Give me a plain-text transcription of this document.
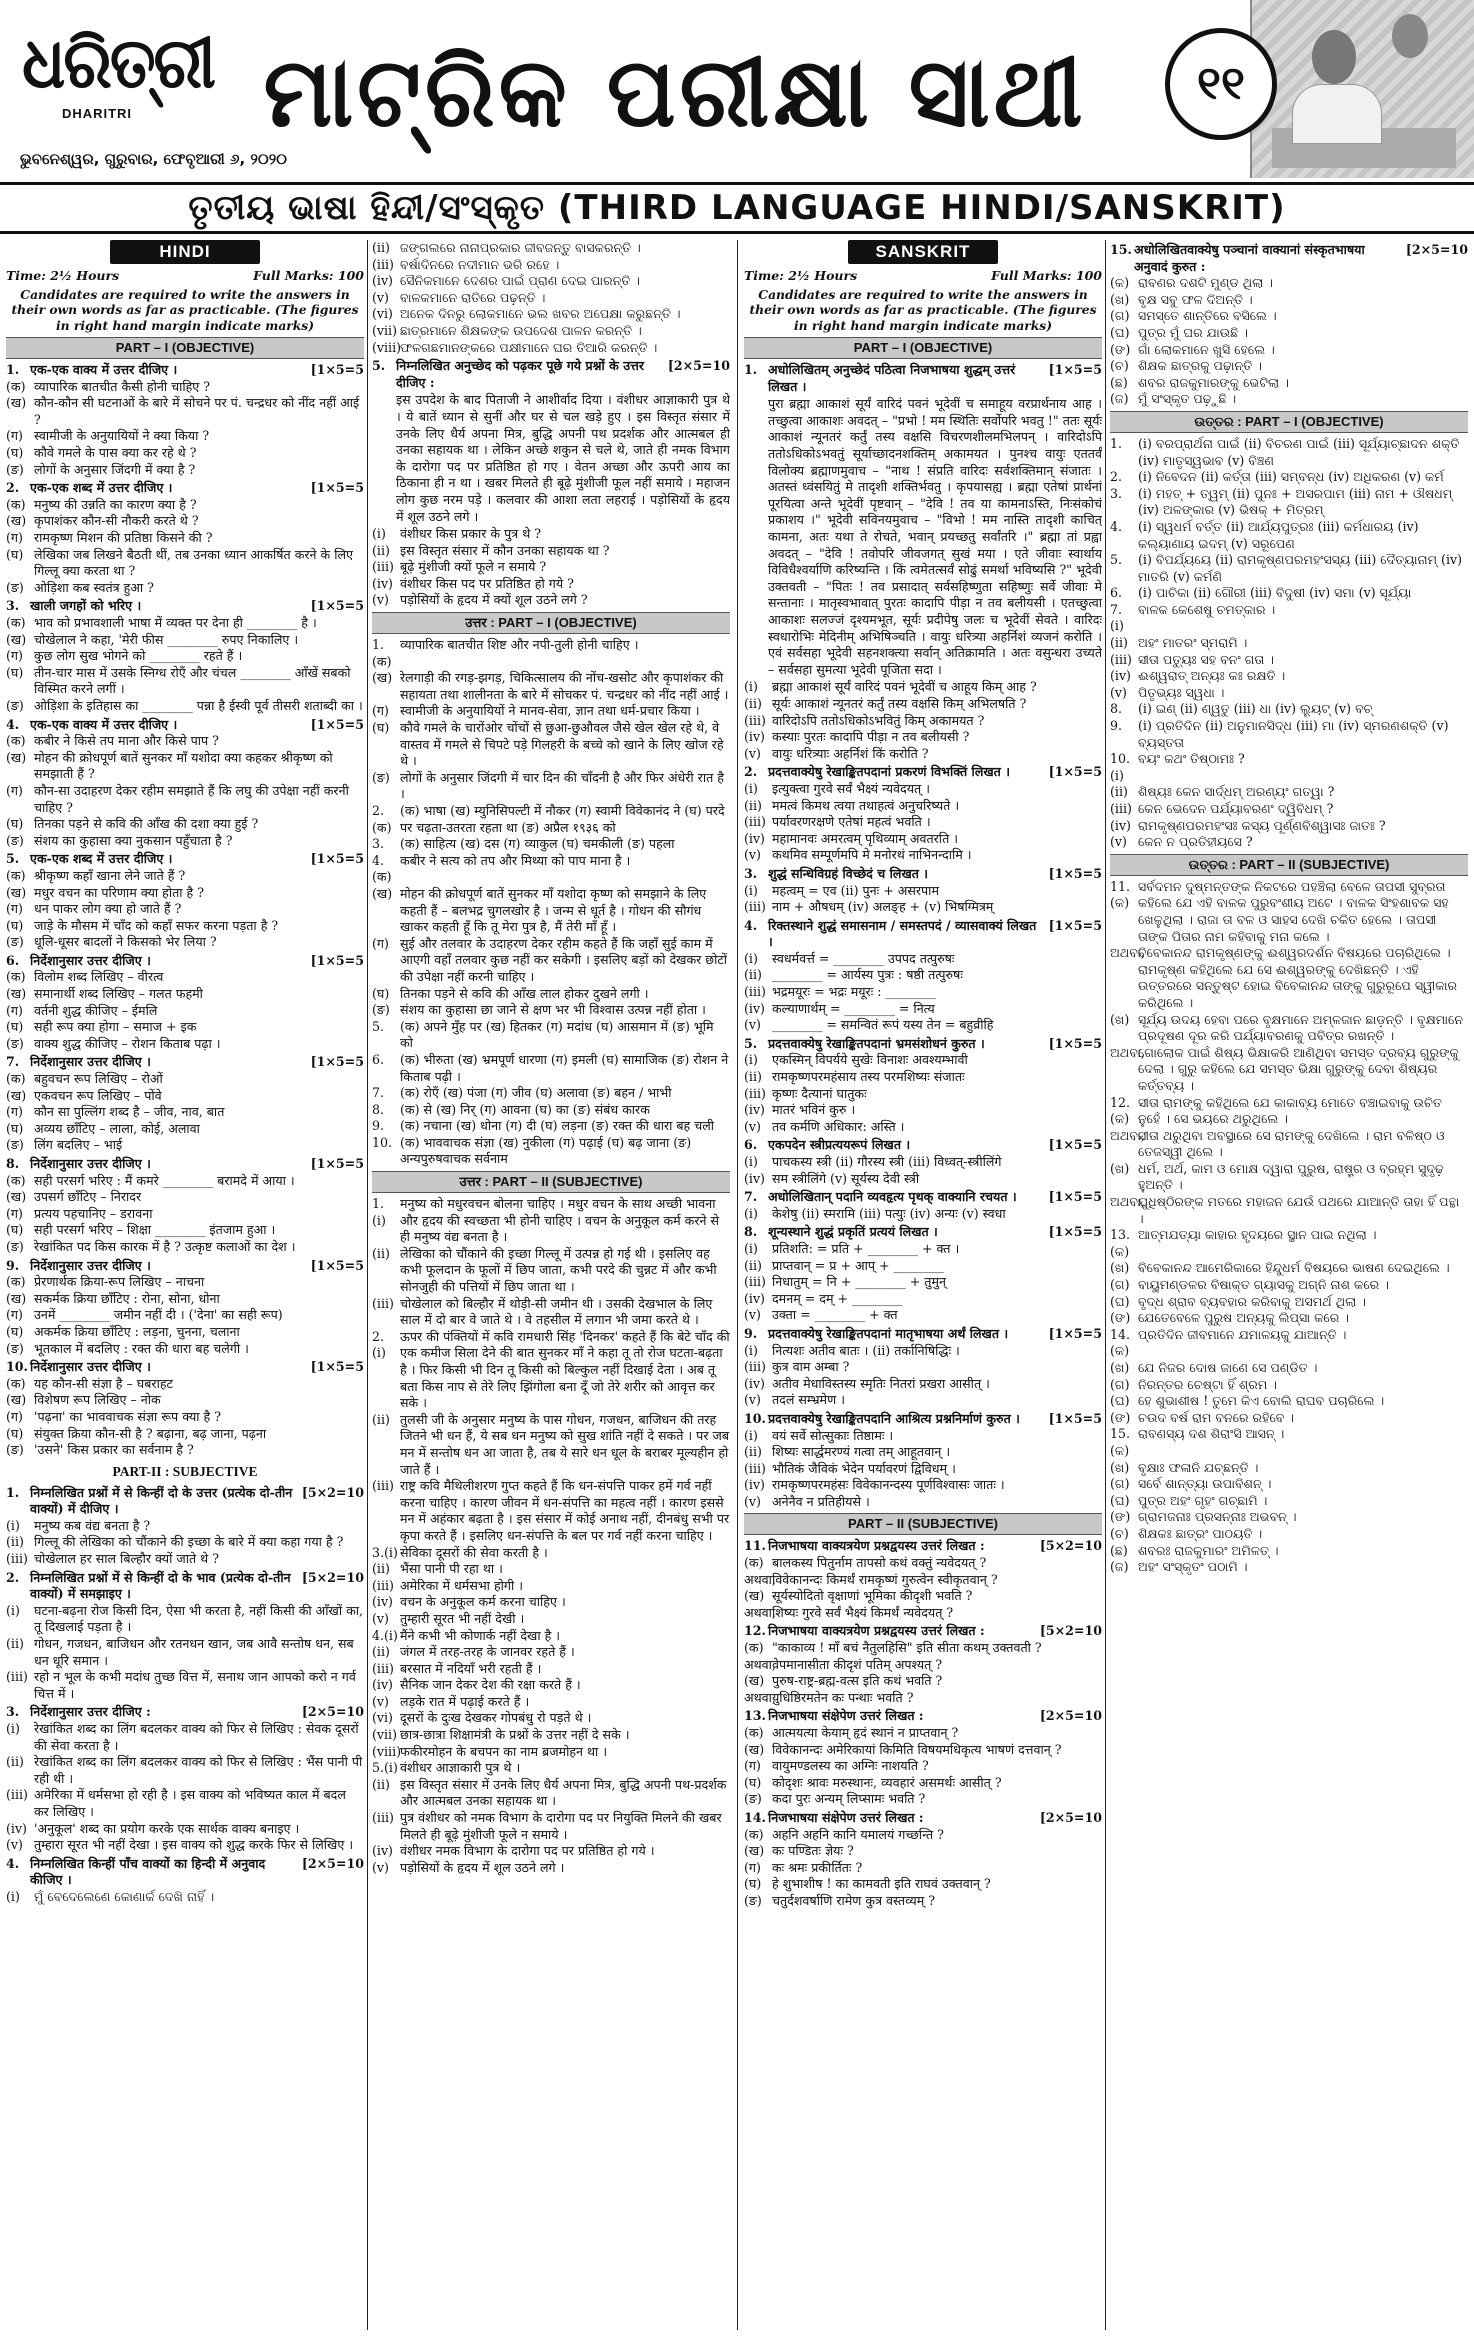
ଧରିତ୍ରୀ
DHARITRI
ଭୁବନେଶ୍ୱର, ଗୁରୁବାର, ଫେବୃଆରୀ ୬, ୨୦୨୦
ମାଟ୍ରିକ ପରୀକ୍ଷା ସାଥୀ	୧୧
ତୃତୀୟ ଭାଷା ହିନ୍ଦୀ/ସଂସ୍କୃତ (THIRD LANGUAGE HINDI/SANSKRIT)
HINDI
Time: 2½ Hours	Full Marks: 100
Candidates are required to write the answers in their own words as far as practicable. (The figures in right hand margin indicate marks)
PART – I (OBJECTIVE)
1. एक-एक वाक्य में उत्तर दीजिए ।	[1×5=5
(क) व्यापारिक बातचीत कैसी होनी चाहिए ?
(ख) कौन-कौन सी घटनाओं के बारे में सोचने पर पं. चन्द्रधर को नींद नहीं आई ?
(ग) स्वामीजी के अनुयायियों ने क्या किया ?
(घ) कौवे गमले के पास क्या कर रहे थे ?
(ङ) लोगों के अनुसार जिंदगी में क्या है ?
2. एक-एक शब्द में उत्तर दीजिए ।	[1×5=5
(क) मनुष्य की उन्नति का कारण क्या है ?
(ख) कृपाशंकर कौन-सी नौकरी करते थे ?
(ग) रामकृष्ण मिशन की प्रतिष्ठा किसने की ?
(घ) लेखिका जब लिखने बैठती थीं, तब उनका ध्यान आकर्षित करने के लिए गिल्लू क्या करता था ?
(ङ) ओड़िशा कब स्वतंत्र हुआ ?
3. खाली जगहों को भरिए ।	[1×5=5
(क) भाव को प्रभावशाली भाषा में व्यक्त पर देना ही ________ है ।
(ख) चोखेलाल ने कहा, 'मेरी फीस ________ रुपए निकालिए ।
(ग) कुछ लोग सुख भोगने को ________ रहते हैं ।
(घ) तीन-चार मास में उसके स्निग्ध रोएँ और चंचल ________ आँखें सबको विस्मित करने लगीं ।
(ङ) ओड़िशा के इतिहास का ________ पन्ना है ईस्वी पूर्व तीसरी शताब्दी का ।
4. एक-एक वाक्य में उत्तर दीजिए ।	[1×5=5
(क) कबीर ने किसे तप माना और किसे पाप ?
(ख) मोहन की क्रोधपूर्ण बातें सुनकर माँ यशोदा क्या कहकर श्रीकृष्ण को समझाती हैं ?
(ग) कौन-सा उदाहरण देकर रहीम समझाते हैं कि लघु की उपेक्षा नहीं करनी चाहिए ?
(घ) तिनका पड़ने से कवि की आँख की दशा क्या हुई ?
(ङ) संशय का कुहासा क्या नुकसान पहुँचाता है ?
5. एक-एक शब्द में उत्तर दीजिए ।	[1×5=5
(क) श्रीकृष्ण कहाँ खाना लेने जाते हैं ?
(ख) मधुर वचन का परिणाम क्या होता है ?
(ग) धन पाकर लोग क्या हो जाते हैं ?
(घ) जाड़े के मौसम में चाँद को कहाँ सफर करना पड़ता है ?
(ङ) धूलि-धूसर बादलों ने किसको भेर लिया ?
6. निर्देशानुसार उत्तर दीजिए ।	[1×5=5
(क) विलोम शब्द लिखिए – वीरत्व
(ख) समानार्थी शब्द लिखिए – गलत फहमी
(ग) वर्तनी शुद्ध कीजिए – ईमलि
(घ) सही रूप क्या होगा – समाज + इक
(ङ) वाक्य शुद्ध कीजिए – रोशन किताब पढ़ा ।
7. निर्देशानुसार उत्तर दीजिए ।	[1×5=5
(क) बहुवचन रूप लिखिए – रोओं
(ख) एकवचन रूप लिखिए – पोंवे
(ग) कौन सा पुल्लिंग शब्द है – जीव, नाव, बात
(घ) अव्यय छाँटिए – लाला, कोई, अलावा
(ङ) लिंग बदलिए – भाई
8. निर्देशानुसार उत्तर दीजिए ।	[1×5=5
(क) सही परसर्ग भरिए : मैं कमरे ________ बरामदे में आया ।
(ख) उपसर्ग छाँटिए – निरादर
(ग) प्रत्यय पहचानिए – डरावना
(घ) सही परसर्ग भरिए – शिक्षा ________ इंतजाम हुआ ।
(ङ) रेखांकित पद किस कारक में है ? उत्कृष्ट कलाओं का देश ।
9. निर्देशानुसार उत्तर दीजिए ।	[1×5=5
(क) प्रेरणार्थक क्रिया-रूप लिखिए – नाचना
(ख) सकर्मक क्रिया छाँटिए : रोना, सोना, धोना
(ग) उनमें ________ जमीन नहीं दी । ('देना' का सही रूप)
(घ) अकर्मक क्रिया छाँटिए : लड़ना, चुनना, चलाना
(ङ) भूतकाल में बदलिए : रक्त की धारा बह चलेगी ।
10. निर्देशानुसार उत्तर दीजिए ।	[1×5=5
(क) यह कौन-सी संज्ञा है – घबराहट
(ख) विशेषण रूप लिखिए – नोक
(ग) 'पढ़ना' का भाववाचक संज्ञा रूप क्या है ?
(घ) संयुक्त क्रिया कौन-सी है ? बढ़ाना, बढ़ जाना, पढ़ना
(ङ) 'उसने' किस प्रकार का सर्वनाम है ?
PART-II : SUBJECTIVE
1. निम्नलिखित प्रश्नों में से किन्हीं दो के उत्तर (प्रत्येक दो-तीन वाक्यों) में दीजिए ।
[5×2=10
(i)	मनुष्य कब वंद्य बनता है ?
(ii) गिल्लू की लेखिका को चौंकाने की इच्छा के बारे में क्या कहा गया है ?
(iii) चोखेलाल हर साल बिल्हौर क्यों जाते थे ?
2. निम्नलिखित प्रश्नों में से किन्हीं दो के भाव (प्रत्येक दो-तीन वाक्यों) में समझाइए ।
[5×2=10
(i)	घटना-बढ़ना रोज किसी दिन, ऐसा भी करता है, नहीं किसी की आँखों का, तू दिखलाई पड़ता है ।
(ii) गोधन, गजधन, बाजिधन और रतनधन खान, जब आवै सन्तोष धन, सब धन धूरि समान ।
(iii) रहो न भूल के कभी मदांध तुच्छ वित्त में, सनाथ जान आपको करो न गर्व चित्त में ।
3. निर्देशानुसार उत्तर दीजिए :	[2×5=10
(i)	रेखांकित शब्द का लिंग बदलकर वाक्य को फिर से लिखिए : सेवक दूसरों की सेवा करता है ।
(ii) रेखांकित शब्द का लिंग बदलकर वाक्य को फिर से लिखिए : भैंस पानी पी रही थी ।
(iii) अमेरिका में धर्मसभा हो रही है । इस वाक्य को भविष्यत काल में बदल कर लिखिए ।
(iv) 'अनुकूल' शब्द का प्रयोग करके एक सार्थक वाक्य बनाइए ।
(v) तुम्हारा सूरत भी नहीं देखा । इस वाक्य को शुद्ध करके फिर से लिखिए ।
4. निम्नलिखित किन्हीं पाँच वाक्यों का हिन्दी में अनुवाद कीजिए ।
[2×5=10
(i)	ମୁଁ ବେଦେଲେଣେ କୋଣାର୍କ ଦେଖି ନାହିଁ ।
(ii) ଜଙ୍ଗଲରେ ନାନାପ୍ରକାର ଜୀବଜନ୍ତୁ ବାସକରନ୍ତି ।
(iii) ବର୍ଷାଦିନରେ ନଦୀମାନ ଭରି ରହେ ।
(iv) ସୈନିକମାନେ ଦେଶର ପାଇଁ ପ୍ରାଣ ଦେଇ ପାରନ୍ତି ।
(v) ବାଳକମାନେ ରାତିରେ ପଢ଼ନ୍ତି ।
(vi) ଅନେକ ଦିନରୁ ଲୋକମାନେ ଭଲ ଖବର ଅପେକ୍ଷା କରୁଛନ୍ତି ।
(vii) ଛାତ୍ରମାନେ ଶିକ୍ଷକଙ୍କ ଉପଦେଶ ପାଳନ କରନ୍ତି ।
(viii)
ଫଳଗଛମାନଙ୍କରେ ପକ୍ଷୀମାନେ ଘର ତିଆରି କରନ୍ତି ।
5. निम्नलिखित अनुच्छेद को पढ़कर पूछे गये प्रश्नों के उत्तर दीजिए :
[2×5=10
इस उपदेश के बाद पिताजी ने आशीर्वाद दिया । वंशीधर आज्ञाकारी पुत्र थे । ये बातें ध्यान से सुनीं और घर से चल खड़े हुए । इस विस्तृत संसार में उनके लिए धैर्य अपना मित्र, बुद्धि अपनी पथ प्रदर्शक और आत्मबल ही उनका सहायक था । लेकिन अच्छे शकुन से चले थे, जाते ही नमक विभाग के दारोगा पद पर प्रतिष्ठित हो गए । वेतन अच्छा और ऊपरी आय का ठिकाना ही न था । खबर मिलते ही बूढ़े मुंशीजी फूल नहीं समाये । महाजन लोग कुछ नरम पड़े । कलवार की आशा लता लहराई । पड़ोसियों के हृदय में शूल उठने लगे ।
(i)	वंशीधर किस प्रकार के पुत्र थे ?
(ii) इस विस्तृत संसार में कौन उनका सहायक था ?
(iii) बूढ़े मुंशीजी क्यों फूले न समाये ?
(iv) वंशीधर किस पद पर प्रतिष्ठित हो गये ?
(v) पड़ोसियों के हृदय में क्यों शूल उठने लगे ?
उत्तर : PART – I (OBJECTIVE)
1. (क)
व्यापारिक बातचीत शिष्ट और नपी-तुली होनी चाहिए ।
(ख) रेलगाड़ी की रगड़-झगड़, चिकित्सालय की नोंच-खसोट और कृपाशंकर की सहायता तथा शालीनता के बारे में सोचकर पं. चन्द्रधर को नींद नहीं आई ।
(ग) स्वामीजी के अनुयायियों ने मानव-सेवा, ज्ञान तथा धर्म-प्रचार किया ।
(घ) कौवे गमले के चारोंओर चोंचों से छुआ-छुऔवल जैसे खेल खेल रहे थे, वे वास्तव में गमले से चिपटे पड़े गिलहरी के बच्चे को खाने के लिए खोज रहे थे ।
(ङ) लोगों के अनुसार जिंदगी में चार दिन की चाँदनी है और फिर अंधेरी रात है ।
2. (क)
(क) भाषा (ख) म्युनिसिपल्टी में नौकर (ग) स्वामी विवेकानंद ने (घ) परदे पर चढ़ता-उतरता रहता था (ङ) अप्रैल १९३६ को
3.	(क) साहित्य (ख) दस (ग) व्याकुल (घ) चमकीली (ङ) पहला
4. (क)
कबीर ने सत्य को तप और मिथ्या को पाप माना है ।
(ख) मोहन की क्रोधपूर्ण बातें सुनकर माँ यशोदा कृष्ण को समझाने के लिए कहती हैं – बलभद्र चुगलखोर है । जन्म से धूर्त है । गोधन की सौगंध खाकर कहती हूँ कि तू मेरा पुत्र है, मैं तेरी माँ हूँ ।
(ग) सुई और तलवार के उदाहरण देकर रहीम कहते हैं कि जहाँ सुई काम में आएगी वहाँ तलवार कुछ नहीं कर सकेगी । इसलिए बड़ों को देखकर छोटों की उपेक्षा नहीं करनी चाहिए ।
(घ) तिनका पड़ने से कवि की आँख लाल होकर दुखने लगी ।
(ङ) संशय का कुहासा छा जाने से क्षण भर भी विश्वास उत्पन्न नहीं होता ।
5.	(क) अपने मुँह पर (ख) हितकर (ग) मदांध (घ) आसमान में (ङ) भूमि को
6.	(क) भीरुता (ख) भ्रमपूर्ण धारणा (ग) इमली (घ) सामाजिक (ङ) रोशन ने किताब पढ़ी ।
7.	(क) रोएँ (ख) पंजा (ग) जीव (घ) अलावा (ङ) बहन / भाभी
8.	(क) से (ख) निर् (ग) आवना (घ) का (ङ) संबंध कारक
9.	(क) नचाना (ख) धोना (ग) दी (घ) लड़ना (ङ) रक्त की धारा बह चली
10. (क) भाववाचक संज्ञा (ख) नुकीला (ग) पढ़ाई (घ) बढ़ जाना (ङ) अन्यपुरुषवाचक सर्वनाम
उत्तर : PART – II (SUBJECTIVE)
1. (i)
मनुष्य को मधुरवचन बोलना चाहिए । मधुर वचन के साथ अच्छी भावना और हृदय की स्वच्छता भी होनी चाहिए । वचन के अनुकूल कर्म करने से ही मनुष्य वंद्य बनता है ।
(ii) लेखिका को चौंकाने की इच्छा गिल्लू में उत्पन्न हो गई थी । इसलिए वह कभी फूलदान के फूलों में छिप जाता, कभी परदे की चुन्नट में और कभी सोनजुही की पत्तियों में छिप जाता था ।
(iii) चोखेलाल को बिल्हौर में थोड़ी-सी जमीन थी । उसकी देखभाल के लिए साल में दो बार वे जाते थे । वे तहसील में लगान भी जमा करते थे ।
2. (i)
ऊपर की पंक्तियों में कवि रामधारी सिंह 'दिनकर' कहते हैं कि बेटे चाँद की एक कमीज सिला देने की बात सुनकर माँ ने कहा तू तो रोज घटता-बढ़ता है । फिर किसी भी दिन तू किसी को बिल्कुल नहीं दिखाई देता । अब तू बता किस नाप से तेरे लिए झिंगोला बना दूँ जो तेरे शरीर को आवृत्त कर सके ।
(ii) तुलसी जी के अनुसार मनुष्य के पास गोधन, गजधन, बाजिधन की तरह जितने भी धन हैं, ये सब धन मनुष्य को सुख शांति नहीं दे सकते । पर जब मन में सन्तोष धन आ जाता है, तब ये सारे धन धूल के बराबर मूल्यहीन हो जाते हैं ।
(iii) राष्ट्र कवि मैथिलीशरण गुप्त कहते हैं कि धन-संपत्ति पाकर हमें गर्व नहीं करना चाहिए । कारण जीवन में धन-संपत्ति का महत्व नहीं । कारण इससे मन में अहंकार बढ़ता है । इस संसार में कोई अनाथ नहीं, दीनबंधु सभी पर कृपा करते हैं । इसलिए धन-संपत्ति के बल पर गर्व नहीं करना चाहिए ।
3.(i) सेविका दूसरों की सेवा करती है ।
(ii) भैंसा पानी पी रहा था ।
(iii) अमेरिका में धर्मसभा होगी ।
(iv) वचन के अनुकूल कर्म करना चाहिए ।
(v) तुम्हारी सूरत भी नहीं देखी ।
4.(i) मैंने कभी भी कोणार्क नहीं देखा है ।
(ii) जंगल में तरह-तरह के जानवर रहते हैं ।
(iii) बरसात में नदियाँ भरी रहती हैं ।
(iv) सैनिक जान देकर देश की रक्षा करते हैं ।
(v) लड़के रात में पढ़ाई करते हैं ।
(vi) दूसरों के दुःख देखकर गोपबंधु रो पड़ते थे ।
(vii) छात्र-छात्रा शिक्षामंत्री के प्रश्नों के उत्तर नहीं दे सके ।
(viii)
फकीरमोहन के बचपन का नाम ब्रजमोहन था ।
5.(i) वंशीधर आज्ञाकारी पुत्र थे ।
(ii) इस विस्तृत संसार में उनके लिए धैर्य अपना मित्र, बुद्धि अपनी पथ-प्रदर्शक और आत्मबल उनका सहायक था ।
(iii) पुत्र वंशीधर को नमक विभाग के दारोगा पद पर नियुक्ति मिलने की खबर मिलते ही बूढ़े मुंशीजी फूले न समाये ।
(iv) वंशीधर नमक विभाग के दारोगा पद पर प्रतिष्ठित हो गये ।
(v) पड़ोसियों के हृदय में शूल उठने लगे ।
SANSKRIT
Time: 2½ Hours	Full Marks: 100
Candidates are required to write the answers in their own words as far as practicable. (The figures in right hand margin indicate marks)
PART – I (OBJECTIVE)
1. अधोलिखितम् अनुच्छेदं पठित्वा निजभाषया शुद्धम् उत्तरं लिखत ।
[1×5=5
पुरा ब्रह्मा आकाशं सूर्यं वारिदं पवनं भूदेवीं च समाहूय वरप्रार्थनाय आह । तच्छुत्वा आकाशः अवदत् – "प्रभो ! मम स्थितिः सर्वोपरि भवतु !" ततः सूर्यः आकाशं न्यूनतरं कर्तुं तस्य वक्षसि विचरणशीलमभिलपन् । वारिदोऽपि ततोऽधिकोऽभवतुं सूर्याच्छादनशक्तिम् अकामयत । पुनश्च वायुः एततर्वं विलोक्य ब्रह्माणमुवाच – "नाथ ! संप्रति वारिदः सर्वशक्तिमान् संजातः । अतस्तं ध्वंसयितुं मे तादृशी शक्तिर्भवतु । कृपयासह्य । ब्रह्मा एतेषां प्रार्थनां पूरयित्वा अन्ते भूदेवीं पृष्टवान् – "देवि ! तव या कामनाऽस्ति, निःसंकोचं प्रकाशय ।" भूदेवी सविनयमुवाच – "विभो ! मम नास्ति तादृशी काचित् कामना, अतः यथा ते रोचते, भवान् प्रयच्छतु सर्वांतरि ।" ब्रह्मा तां प्रह्वा अवदत् – "देवि ! तवोपरि जीवजगत् सुखं मया । एते जीवाः स्वार्थाय विविधैश्वर्याणि करिष्यन्ति । किं त्वमेतत्सर्वं सोढुं समर्था भविष्यसि ?" भूदेवी उक्तवती – "पितः ! तव प्रसादात् सर्वसहिष्णुता सहिष्णुः सर्वे जीवाः मे सन्तानाः । मातृस्वभावात् पुरतः कादापि पीड़ा न तव बलीयसी । एतच्छुत्वा आकाशः सलज्जं दृश्यमभूत, सूर्यः प्रदीपेषु जलः च भूदेवीं सेवते । वारिदः स्वधारोभिः मेदिनीम् अभिषिञ्चति । वायुः धरित्र्या अहर्निशं व्यजनं करोति । एवं सर्वसहा भूदेवी सहनशक्त्या सर्वान् अतिक्रामति । अतः वसुन्धरा उच्यते – सर्वसहा सुमत्या भूदेवी पूजिता सदा ।
(i)	ब्रह्मा आकाशं सूर्यं वारिदं पवनं भूदेवीं च आहूय किम् आह ?
(ii) सूर्यः आकाशं न्यूनतरं कर्तुं तस्य वक्षसि किम् अभिलषति ?
(iii) वारिदोऽपि ततोऽधिकोऽभवितुं किम् अकामयत ?
(iv) कस्याः पुरतः कादापि पीड़ा न तव बलीयसी ?
(v) वायुः धरित्र्याः अहर्निशं किं करोति ?
2. प्रदत्तवाक्येषु रेखाङ्कितपदानां प्रकरणं विभक्तिं लिखत ।	[1×5=5
(i)	इत्युक्त्वा गुरवे सर्वं भैक्ष्यं न्यवेदयत् ।
(ii) ममत्वं किमथ त्वया तथाहत्वं अनुचरिष्यते ।
(iii) पर्यावरणरक्षणे एतेषां महत्वं भवति ।
(iv) महामानवः अमरत्वम् पृथिव्याम् अवतरति ।
(v) कथमिव सम्पूर्णमपि मे मनोरथं नाभिनन्दामि ।
3. शुद्धं सन्धिविग्रहं विच्छेदं च लिखत ।	[1×5=5
(i)	महत्वम् = एव (ii) पुनः + असरपाम
(iii) नाम + औषधम् (iv) अलङ्ह + (v) भिषग्मित्रम्
4. रिक्तस्थाने शुद्धं समासनाम / समस्तपदं / व्यासवाक्यं लिखत ।
[1×5=5
(i)	स्वधर्मवर्त्त = ________ उपपद तत्पुरुषः
(ii) ________ = आर्यस्य पुत्रः : षष्ठी तत्पुरुषः
(iii) भद्रमयूरः = भद्रः मयूरः : ________
(iv) कल्याणार्थम् = ________ = नित्य
(v) ________ = समन्वितं रूपं यस्य तेन = बहुव्रीहि
5. प्रदत्तवाक्येषु रेखाङ्कितपदानां भ्रमसंशोधनं कुरुत ।	[1×5=5
(i)	एकस्मिन् विपर्यये सुखेः विनाशः अवश्यम्भावी
(ii) रामकृष्णपरमहंसाय तस्य परमशिष्यः संजातः
(iii) कृष्णः दैत्यानां घातुकः
(iv) मातरं भविनं कुरु ।
(v) तव कर्मणि अधिकार: अस्ति ।
6. एकपदेन स्त्रीप्रत्ययरूपं लिखत ।	[1×5=5
(i)	पाचकस्य स्त्री (ii) गौरस्य स्त्री (iii) विध्वत्-स्त्रीलिंगे
(iv) सम स्त्रीलिंगे (v) सूर्यस्य देवी स्त्री
7. अधोलिखितान् पदानि व्यवहृत्य पृथक् वाक्यानि रचयत ।	[1×5=5
(i)	केशेषु (ii) स्मरामि (iii) पत्युः (iv) अन्यः (v) स्वधा
8. शून्यस्थाने शुद्धं प्रकृतिं प्रत्ययं लिखत ।	[1×5=5
(i)	प्रतिशति: = प्रति + ________ + क्त ।
(ii) प्राप्तवान् = प्र + आप् + ________
(iii) निधातुम् = नि + ________ + तुमुन्
(iv) दमनम् = दम् + ________
(v) उक्ता = ________ + क्त
9. प्रदत्तवाक्येषु रेखाङ्कितपदानां मातृभाषया अर्थं लिखत ।	[1×5=5
(i)	नित्यशः अतीव बातः । (ii) तर्कानिषिद्धिः ।
(iii) कुत्र वाम अम्बा ?
(iv) अतीव मेधाविस्तस्य स्मृतिः नितरां प्रखरा आसीत् ।
(v) तदलं सम्भ्रमेण ।
10. प्रदत्तवाक्येषु रेखाङ्कितपदानि आश्रित्य प्रश्ननिर्माणं कुरुत ।	[1×5=5
(i)	वयं सर्वे सोत्सुकाः तिष्ठामः ।
(ii) शिष्यः सार्द्धमरण्यं गत्वा तम् आहूतवान् ।
(iii) भौतिकं जैविकं भेदेन पर्यावरणं द्विविधम् ।
(iv) रामकृष्णपरमहंसः विवेकानन्दस्य पूर्णविश्वासः जातः ।
(v) अनेनैव न प्रतिहीयसे ।
PART – II (SUBJECTIVE)
11. निजभाषया वाक्यत्रयेण प्रश्नद्वयस्य उत्तरं लिखत :	[5×2=10
(क) बालकस्य पितुर्नाम तापसो कथं वक्तुं न्यवेदयत् ?
अथवा,
विवेकानन्दः किमर्थं रामकृष्णं गुरुत्वेन स्वीकृतवान् ?
(ख) सूर्यस्योदितो वृक्षाणां भूमिका कीदृशी भवति ?
अथवा,
शिष्यः गुरवे सर्वं भैक्ष्यं किमर्थं न्यवेदयत् ?
12. निजभाषया वाक्यत्रयेण प्रश्नद्वयस्य उत्तरं लिखत :	[5×2=10
(क) "काकाव्य ! माँ बचं नैतुलहिसि" इति सीता कथम् उक्तवती ?
अथवा,
वेपमानासीता कीदृशं पतिम् अपश्यत् ?
(ख) पुरुष-राष्ट्र-ब्रह्म-वत्स इति कथं भवति ?
अथवा,
युधिष्ठिरमतेन कः पन्थाः भवति ?
13. निजभाषया संक्षेपेण उत्तरं लिखत :	[2×5=10
(क) आत्मयत्या केयाम् हृदं स्थानं न प्राप्तवान् ?
(ख) विवेकानन्दः अमेरिकायां किमिति विषयमधिकृत्य भाषणं दत्तवान् ?
(ग) वायुमण्डलस्य का अग्निः नाशयति ?
(घ) कोदृशः श्रावः मरुस्थानः, व्यवहारं असमर्थः आसीत् ?
(ङ) कदा पुरः अन्यम् लिप्सामः भवति ?
14. निजभाषया संक्षेपेण उत्तरं लिखत :	[2×5=10
(क) अहनि अहनि कानि यमालयं गच्छन्ति ?
(ख) कः पण्डितः ज्ञेयः ?
(ग) कः श्रमः प्रकीर्तितः ?
(घ) हे शुभाशीष ! का कामवती इति राघवं उक्तवान् ?
(ङ) चतुर्दशवर्षाणि रामेण कुत्र वस्तव्यम् ?
15. अधोलिखितवाक्येषु पञ्चानां वाक्यानां संस्कृतभाषया अनुवादं कुरुत :
[2×5=10
(କ) ରାବଣର ଦଶଟି ମୁଣ୍ଡ ଥିଲା ।
(ଖ) ବୃକ୍ଷ ସବୁ ଫଳ ଦିଅନ୍ତି ।
(ଗ) ସମସ୍ତେ ଶାନ୍ତିରେ ବସିଲେ ।
(ଘ) ପୁତ୍ର ମୁଁ ଘର ଯାଉଛି ।
(ଙ) ଗାଁ ଲୋକମାନେ ଖୁସି ହେଲେ ।
(ଚ) ଶିକ୍ଷକ ଛାତ୍ରକୁ ପଢ଼ାନ୍ତି ।
(ଛ) ଶବର ରାଜକୁମାରଙ୍କୁ ଭେଟିଲା ।
(ଜ) ମୁଁ ସଂସ୍କୃତ ପଢ଼ୁଛି ।
ଉତ୍ତର : PART – I (OBJECTIVE)
1.	(i) ବରପ୍ରାର୍ଥନା ପାଇଁ (ii) ବିଚରଣ ପାଇଁ (iii) ସୂର୍ଯ୍ୟାଚ୍ଛାଦନ ଶକ୍ତି (iv) ମାତୃସ୍ୱଭାବ (v) ବିଞ୍ଚଣ
2.	(i) ନିବେଦନ (ii) କର୍ତ୍ତା (iii) ସମ୍ବନ୍ଧ (iv) ଅଧିକରଣ (v) କର୍ମ
3.	(i) ମହତ୍ + ତ୍ୱମ୍ (ii) ପୁନଃ + ଅସରପାମ (iii) ନାମ + ଔଷଧମ୍ (iv) ଅଳଙ୍କାର (v) ଭିଷକ୍ + ମିତ୍ରମ୍
4.	(i) ସ୍ୱଧର୍ମ ବର୍ତ୍ତ (ii) ଆର୍ଯ୍ୟପୁତ୍ରଃ (iii) କର୍ମଧାରୟ (iv) କଲ୍ୟାଣାୟ ଇଦମ୍ (v) ସରୂପେଣ
5.	(i) ବିପର୍ଯ୍ୟୟେ (ii) ରାମକୃଷ୍ଣପରମହଂସସ୍ୟ (iii) ଦୈତ୍ୟାନାମ୍ (iv) ମାତରି (v) କର୍ମଣି
6.	(i) ପାଚିକା (ii) ଗୌରୀ (iii) ବିଦୁଷୀ (iv) ସମା (v) ସୂର୍ଯ୍ୟା
7. (i)
ବାଳକ କେଶେଷୁ ଚମତ୍କାର ।
(ii) ଅହଂ ମାତରଂ ସ୍ମରାମି ।
(iii) ସୀତା ପତ୍ୟୁଃ ସହ ବନଂ ଗତା ।
(iv) ଈଶ୍ୱରାତ୍ ଅନ୍ୟଃ କଃ ରକ୍ଷତି ।
(v) ପିତୃଭ୍ୟଃ ସ୍ୱଧା ।
8.	(i) ଇଣ୍ (ii) ଣ୍ୱତୁ (iii) ଧା (iv) ଲ୍ୟୁଟ୍ (v) ବଚ୍
9.	(i) ପ୍ରତିଦିନ (ii) ଅନୁମାନସିଦ୍ଧ (iii) ମା (iv) ସ୍ମରଣଶକ୍ତି (v) ବ୍ୟସ୍ତତା
10. (i)
ବୟଂ କଥଂ ତିଷ୍ଠାମଃ ?
(ii) ଶିଷ୍ୟଃ କେନ ସାର୍ଦ୍ଧମ୍ ଅରଣ୍ୟଂ ଗତ୍ୱା ?
(iii) କେନ ଭେଦେନ ପର୍ଯ୍ୟାବରଣଂ ଦ୍ୱିବିଧମ୍ ?
(iv) ରାମକୃଷ୍ଣପରମହଂସଃ କସ୍ୟ ପୂର୍ଣ୍ଣବିଶ୍ୱାସଃ ଜାତଃ ?
(v) କେନ ନ ପ୍ରତିହୀୟସେ ?
ଉତ୍ତର : PART – II (SUBJECTIVE)
11.(କ)
ସର୍ବଦମନ ଦୁଷ୍ମନ୍ତଙ୍କ ନିକଟରେ ପହଞ୍ଚିଲା ବେଳେ ତାପସୀ ସୁବ୍ରତା କହିଲେ ଯେ ଏହି ବାଳକ ପୁରୁବଂଶୀୟ ଅଟେ । ବାଳକ ସିଂହଶାବକ ସହ ଖେଳୁଥିଲା । ରାଜା ତା ବଳ ଓ ସାହସ ଦେଖି ଚକିତ ହେଲେ । ତାପସୀ ତାଙ୍କ ପିତାର ନାମ କହିବାକୁ ମନା କଲେ ।
ଅଥବା,
ବିବେକାନନ୍ଦ ରାମକୃଷ୍ଣଙ୍କୁ ଈଶ୍ୱରଦର୍ଶନ ବିଷୟରେ ପଚାରିଥିଲେ । ରାମକୃଷ୍ଣ କହିଥିଲେ ଯେ ସେ ଈଶ୍ୱରଙ୍କୁ ଦେଖିଛନ୍ତି । ଏହି ଉତ୍ତରରେ ସନ୍ତୁଷ୍ଟ ହୋଇ ବିବେକାନନ୍ଦ ତାଙ୍କୁ ଗୁରୁରୂପେ ସ୍ୱୀକାର କରିଥିଲେ ।
(ଖ) ସୂର୍ଯ୍ୟ ଉଦୟ ହେବା ପରେ ବୃକ୍ଷମାନେ ଅମ୍ଳଜାନ ଛାଡ଼ନ୍ତି । ବୃକ୍ଷମାନେ ପ୍ରଦୂଷଣ ଦୂର କରି ପର୍ଯ୍ୟାବରଣକୁ ପବିତ୍ର ରଖନ୍ତି ।
ଅଥବା,
ଗୋଲୋକ ପାଇଁ ଶିଷ୍ୟ ଭିକ୍ଷାକରି ଆଣିଥିବା ସମସ୍ତ ଦ୍ରବ୍ୟ ଗୁରୁଙ୍କୁ ଦେଲା । ଗୁରୁ କହିଲେ ଯେ ସମସ୍ତ ଭିକ୍ଷା ଗୁରୁଙ୍କୁ ଦେବା ଶିଷ୍ୟର କର୍ତ୍ତବ୍ୟ ।
12.(କ)
ସୀତା ରାମଙ୍କୁ କହିଥିଲେ ଯେ କାକାବ୍ୟ ମୋତେ ବଞ୍ଚାଇବାକୁ ଉଚିତ ନୁହେଁ । ସେ ଭୟରେ ଥରୁଥିଲେ ।
ଅଥବା,
ସୀତା ଥରୁଥିବା ଅବସ୍ଥାରେ ସେ ରାମଙ୍କୁ ଦେଖିଲେ । ରାମ ବଳିଷ୍ଠ ଓ ତେଜସ୍ୱୀ ଥିଲେ ।
(ଖ) ଧର୍ମ, ଅର୍ଥ, କାମ ଓ ମୋକ୍ଷ ଦ୍ୱାରା ପୁରୁଷ, ରାଷ୍ଟ୍ର ଓ ବ୍ରହ୍ମ ସୁଦୃଢ଼ ହୁଅନ୍ତି ।
ଅଥବା,
ଯୁଧିଷ୍ଠିରଙ୍କ ମତରେ ମହାଜନ ଯେଉଁ ପଥରେ ଯାଆନ୍ତି ତାହା ହିଁ ପନ୍ଥା ।
13.(କ)
ଆତ୍ମଯତ୍ୟା କାହାର ହୃଦୟରେ ସ୍ଥାନ ପାଇ ନଥିଲା ।
(ଖ) ବିବେକାନନ୍ଦ ଆମେରିକାରେ ହିନ୍ଦୁଧର୍ମ ବିଷୟରେ ଭାଷଣ ଦେଇଥିଲେ ।
(ଗ) ବାୟୁମଣ୍ଡଳର ବିଷାକ୍ତ ଗ୍ୟାସକୁ ଅଗ୍ନି ନାଶ କରେ ।
(ଘ) ବୃଦ୍ଧ ଶ୍ରାବ ବ୍ୟବହାର କରିବାକୁ ଅସମର୍ଥ ଥିଲା ।
(ଙ) ଯେତେବେଳେ ପୁରୁଷ ଅନ୍ୟକୁ ଲିପ୍ସା କରେ ।
14.(କ)
ପ୍ରତିଦିନ ଜୀବମାନେ ଯମାଳୟକୁ ଯାଆନ୍ତି ।
(ଖ) ଯେ ନିଜର ଦୋଷ ଜାଣେ ସେ ପଣ୍ଡିତ ।
(ଗ) ନିରନ୍ତର ଚେଷ୍ଟା ହିଁ ଶ୍ରମ ।
(ଘ) ହେ ଶୁଭାଶୀଷ ! ତୁମେ କିଏ ବୋଲି ରାଘବ ପଚାରିଲେ ।
(ଙ) ଚଉଦ ବର୍ଷ ରାମ ବନରେ ରହିବେ ।
15.(କ)
ରାବଣସ୍ୟ ଦଶ ଶିରାଂସି ଆସନ୍ ।
(ଖ) ବୃକ୍ଷାଃ ଫଳାନି ଯଚ୍ଛନ୍ତି ।
(ଗ) ସର୍ବେ ଶାନ୍ତ୍ୟା ଉପାବିଶନ୍ ।
(ଘ) ପୁତ୍ର ଅହଂ ଗୃହଂ ଗଚ୍ଛାମି ।
(ଙ) ଗ୍ରାମଜନାଃ ପ୍ରସନ୍ନାଃ ଅଭବନ୍ ।
(ଚ) ଶିକ୍ଷକଃ ଛାତ୍ରଂ ପାଠୟତି ।
(ଛ) ଶବରଃ ରାଜକୁମାରଂ ଅମିଳତ୍ ।
(ଜ) ଅହଂ ସଂସ୍କୃତଂ ପଠାମି ।
